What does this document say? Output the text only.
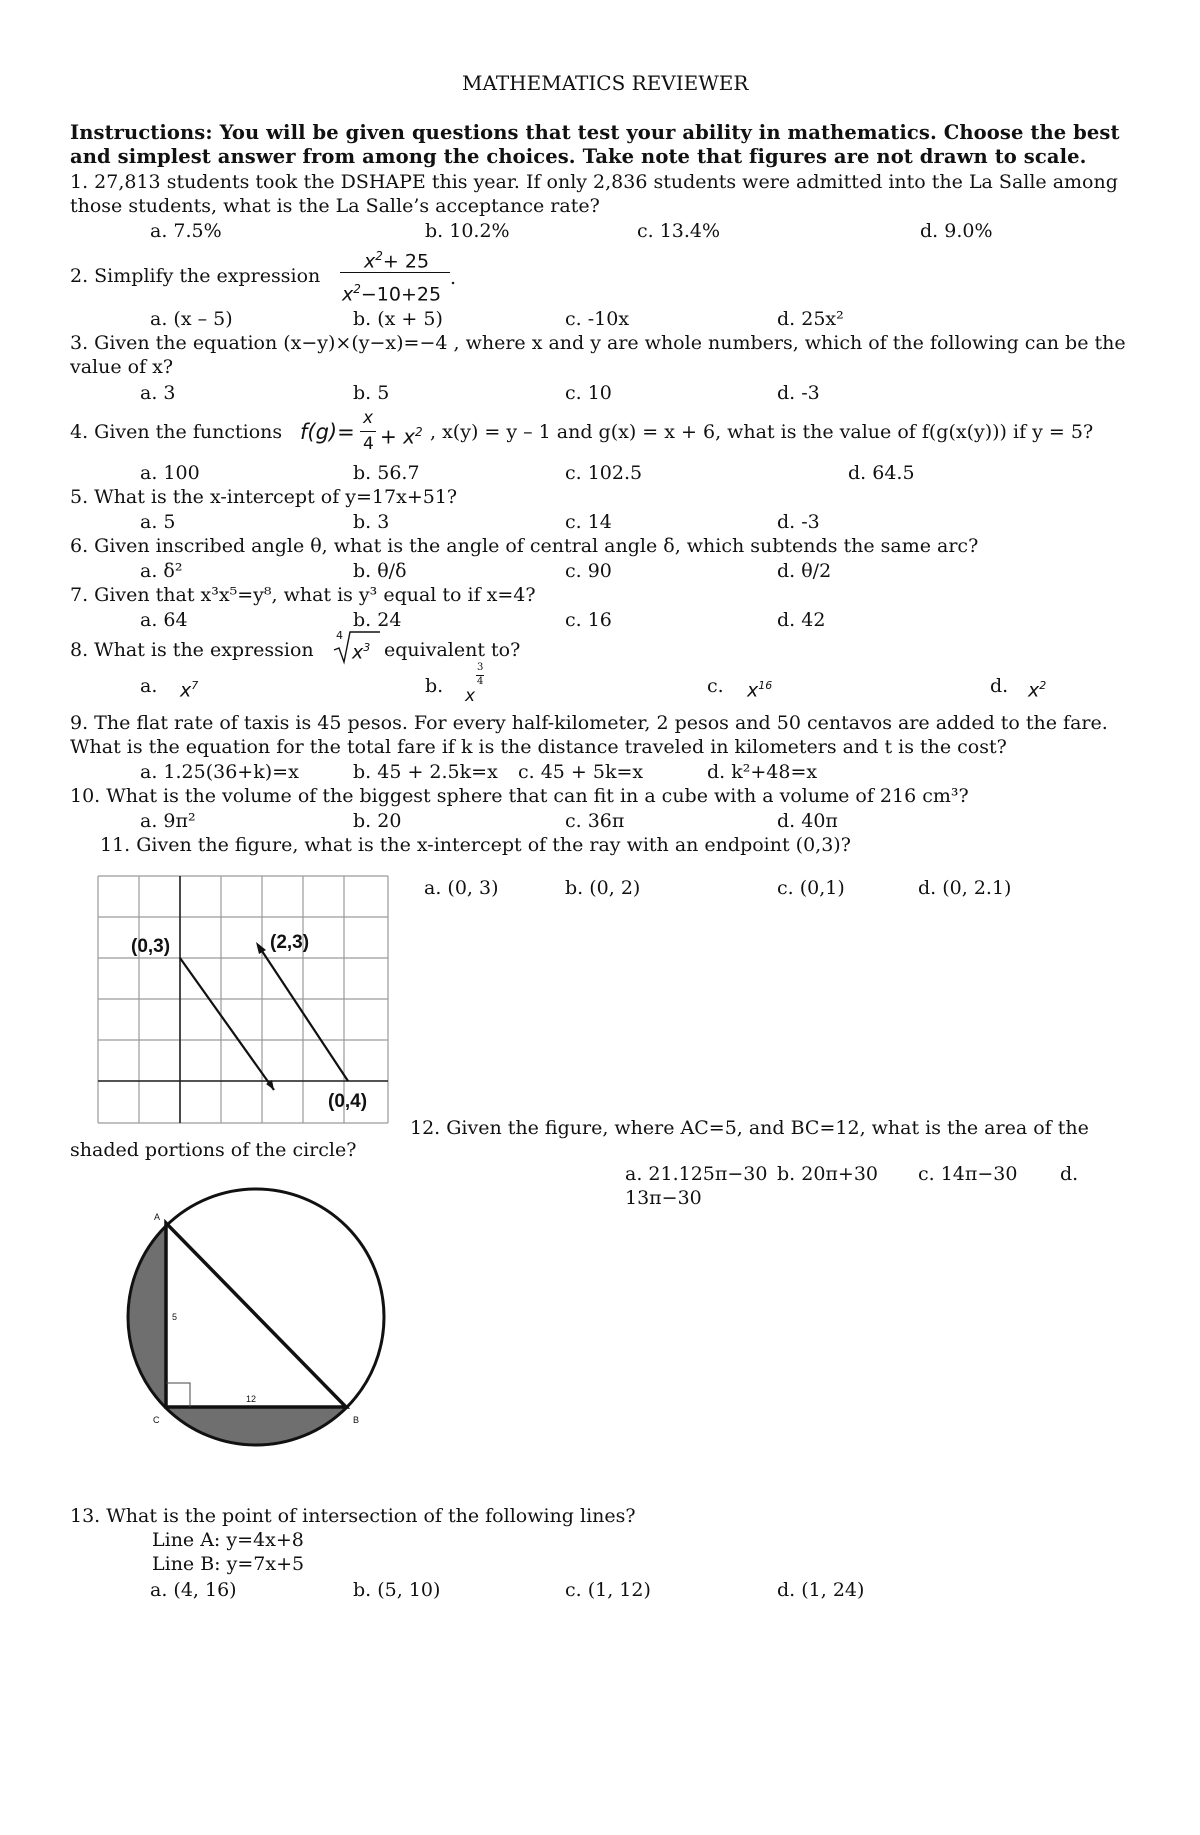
MATHEMATICS REVIEWER
Instructions: You will be given questions that test your ability in mathematics. Choose the best
and simplest answer from among the choices. Take note that figures are not drawn to scale.
1. 27,813 students took the DSHAPE this year. If only 2,836 students were admitted into the La Salle among
those students, what is the La Salle’s acceptance rate?
a. 7.5%	b. 10.2%	c. 13.4%	d. 9.0%
2. Simplify the expression
$x^2+ 25$
$x^2-10+25$
.
a. (x – 5)	b. (x + 5)	c. -10x	d. 25x²
3. Given the equation (x−y)×(y−x)=−4 , where x and y are whole numbers, which of the following can be the
value of x?
a. 3	b. 5	c. 10	d. -3
4. Given the functions f(g)=
x
$4 + x^2$ , x(y) = y – 1 and g(x) = x + 6, what is the value of f(g(x(y))) if y = 5?
a. 100	b. 56.7	c. 102.5	d. 64.5
5. What is the x-intercept of y=17x+51?
a. 5	b. 3	c. 14	d. -3
6. Given inscribed angle θ, what is the angle of central angle δ, which subtends the same arc?
a. δ²	b. θ/δ	c. 90	d. θ/2
7. Given that x³x⁵=y⁸, what is y³ equal to if x=4?
a. 64	b. 24	c. 16	d. 42
8. What is the expression
4
$x^3$ equivalent to?
a. $x^7$	b. x
3
4	c. $x^{16}$	d. $x^2$
9. The flat rate of taxis is 45 pesos. For every half-kilometer, 2 pesos and 50 centavos are added to the fare.
What is the equation for the total fare if k is the distance traveled in kilometers and t is the cost?
a. 1.25(36+k)=x	b. 45 + 2.5k=x c. 45 + 5k=x	d. k²+48=x
10. What is the volume of the biggest sphere that can fit in a cube with a volume of 216 cm³?
a. 9π²	b. 20	c. 36π	d. 40π
11. Given the figure, what is the x-intercept of the ray with an endpoint (0,3)?
(0,3)	(2,3)
(0,4)
a. (0, 3)	b. (0, 2)	c. (0,1)	d. (0, 2.1)
12. Given the figure, where AC=5, and BC=12, what is the area of the
shaded portions of the circle?
a. 21.125π−30 b. 20π+30 c. 14π−30 d.
13π−30
A
C	B
5
12
13. What is the point of intersection of the following lines?
Line A: y=4x+8
Line B: y=7x+5
a. (4, 16)	b. (5, 10)	c. (1, 12)	d. (1, 24)
